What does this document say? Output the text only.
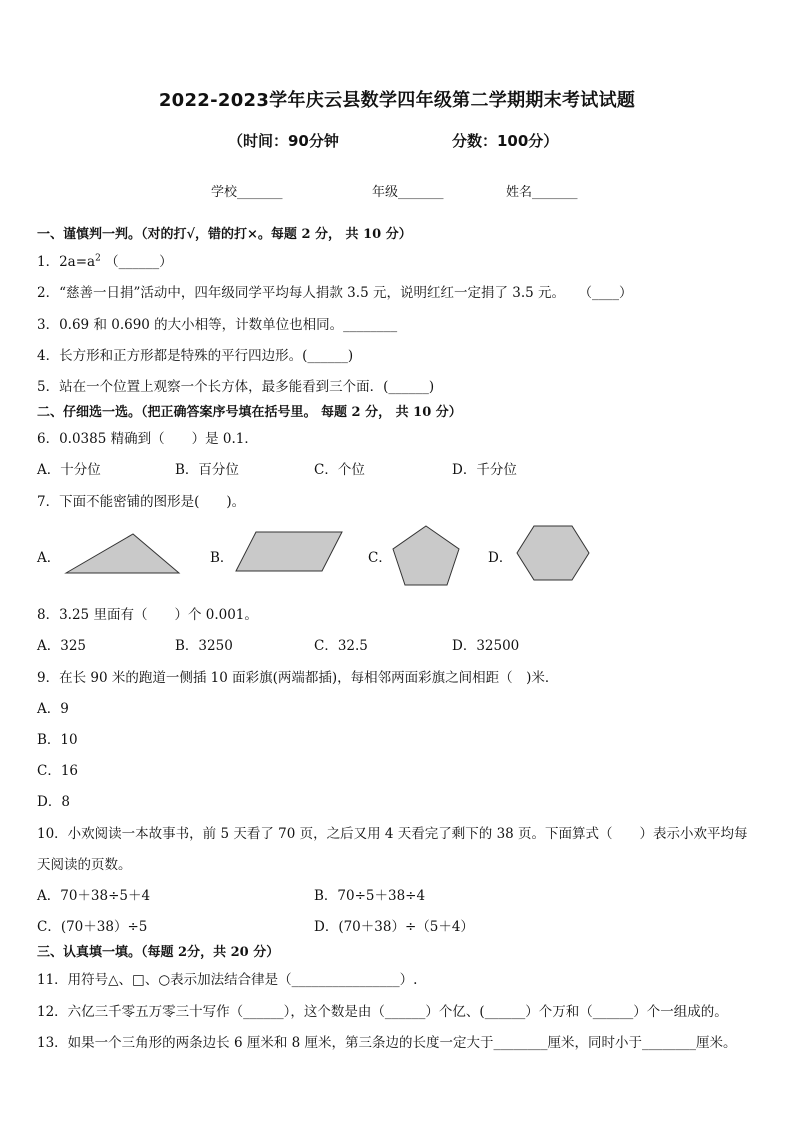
2022-2023学年庆云县数学四年级第二学期期末考试试题
（时间：90分钟	分数：100分）
学校_______	年级_______	姓名_______
一、谨慎判一判。（对的打√，错的打×。每题 2 分， 共 10 分）
1．$2a=a^2$ （______）
2．“慈善一日捐”活动中，四年级同学平均每人捐款 3.5 元，说明红红一定捐了 3.5 元。　　（____）
3．0.69 和 0.690 的大小相等，计数单位也相同。________
4．长方形和正方形都是特殊的平行四边形。(______)
5．站在一个位置上观察一个长方体，最多能看到三个面．(______)
二、仔细选一选。（把正确答案序号填在括号里。 每题 2 分， 共 10 分）
6．0.0385 精确到（　　）是 0.1．
A．十分位	B．百分位	C．个位	D．千分位
7．下面不能密铺的图形是(　　)。
A．	B．	C．	D．
8．3.25 里面有（　　）个 0.001。
A．325	B．3250	C．32.5	D．32500
9．在长 90 米的跑道一侧插 10 面彩旗(两端都插)，每相邻两面彩旗之间相距（　)米．
A．9
B．10
C．16
D．8
10．小欢阅读一本故事书，前 5 天看了 70 页，之后又用 4 天看完了剩下的 38 页。下面算式（　　）表示小欢平均每
天阅读的页数。
A．70＋38÷5＋4	B．70÷5＋38÷4
C．(70＋38）÷5	D．(70＋38）÷（5＋4）
三、认真填一填。（每题 2分，共 20 分）
11．用符号△、□、○表示加法结合律是（________________）.
12．六亿三千零五万零三十写作（______），这个数是由（______）个亿、(______）个万和（______）个一组成的。
13．如果一个三角形的两条边长 6 厘米和 8 厘米，第三条边的长度一定大于________厘米，同时小于________厘米。
